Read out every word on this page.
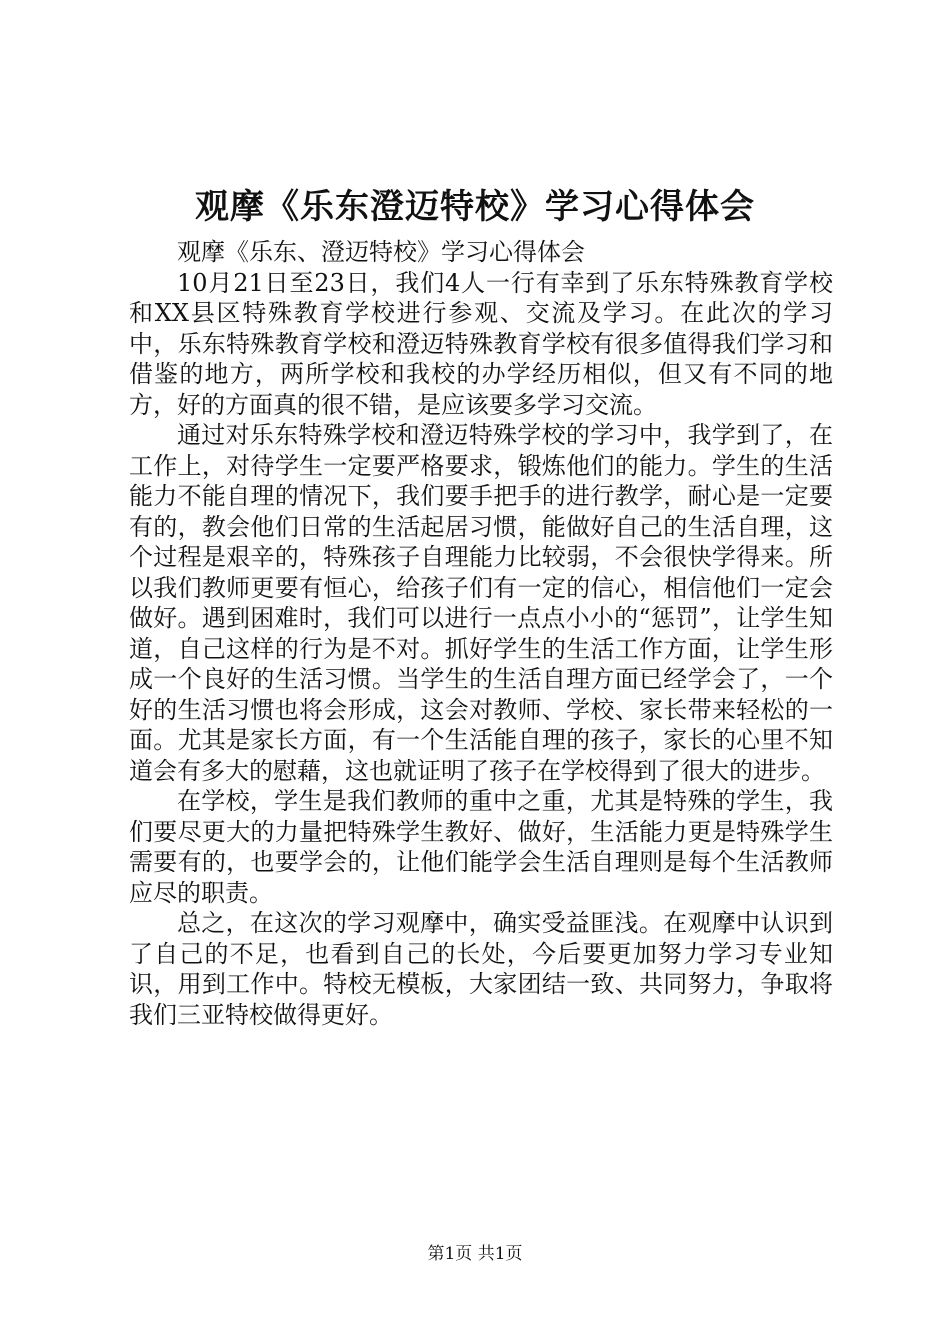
观摩《乐东澄迈特校》学习心得体会

观摩《乐东、澄迈特校》学习心得体会

10月21日至23日，我们4人一行有幸到了乐东特殊教育学校和XX县区特殊教育学校进行参观、交流及学习。在此次的学习中，乐东特殊教育学校和澄迈特殊教育学校有很多值得我们学习和借鉴的地方，两所学校和我校的办学经历相似，但又有不同的地方，好的方面真的很不错，是应该要多学习交流。

通过对乐东特殊学校和澄迈特殊学校的学习中，我学到了，在工作上，对待学生一定要严格要求，锻炼他们的能力。学生的生活能力不能自理的情况下，我们要手把手的进行教学，耐心是一定要有的，教会他们日常的生活起居习惯，能做好自己的生活自理，这个过程是艰辛的，特殊孩子自理能力比较弱，不会很快学得来。所以我们教师更要有恒心，给孩子们有一定的信心，相信他们一定会做好。遇到困难时，我们可以进行一点点小小的“惩罚”，让学生知道，自己这样的行为是不对。抓好学生的生活工作方面，让学生形成一个良好的生活习惯。当学生的生活自理方面已经学会了，一个好的生活习惯也将会形成，这会对教师、学校、家长带来轻松的一面。尤其是家长方面，有一个生活能自理的孩子，家长的心里不知道会有多大的慰藉，这也就证明了孩子在学校得到了很大的进步。

在学校，学生是我们教师的重中之重，尤其是特殊的学生，我们要尽更大的力量把特殊学生教好、做好，生活能力更是特殊学生需要有的，也要学会的，让他们能学会生活自理则是每个生活教师应尽的职责。

总之，在这次的学习观摩中，确实受益匪浅。在观摩中认识到了自己的不足，也看到自己的长处，今后要更加努力学习专业知识，用到工作中。特校无模板，大家团结一致、共同努力，争取将我们三亚特校做得更好。

第1页 共1页
